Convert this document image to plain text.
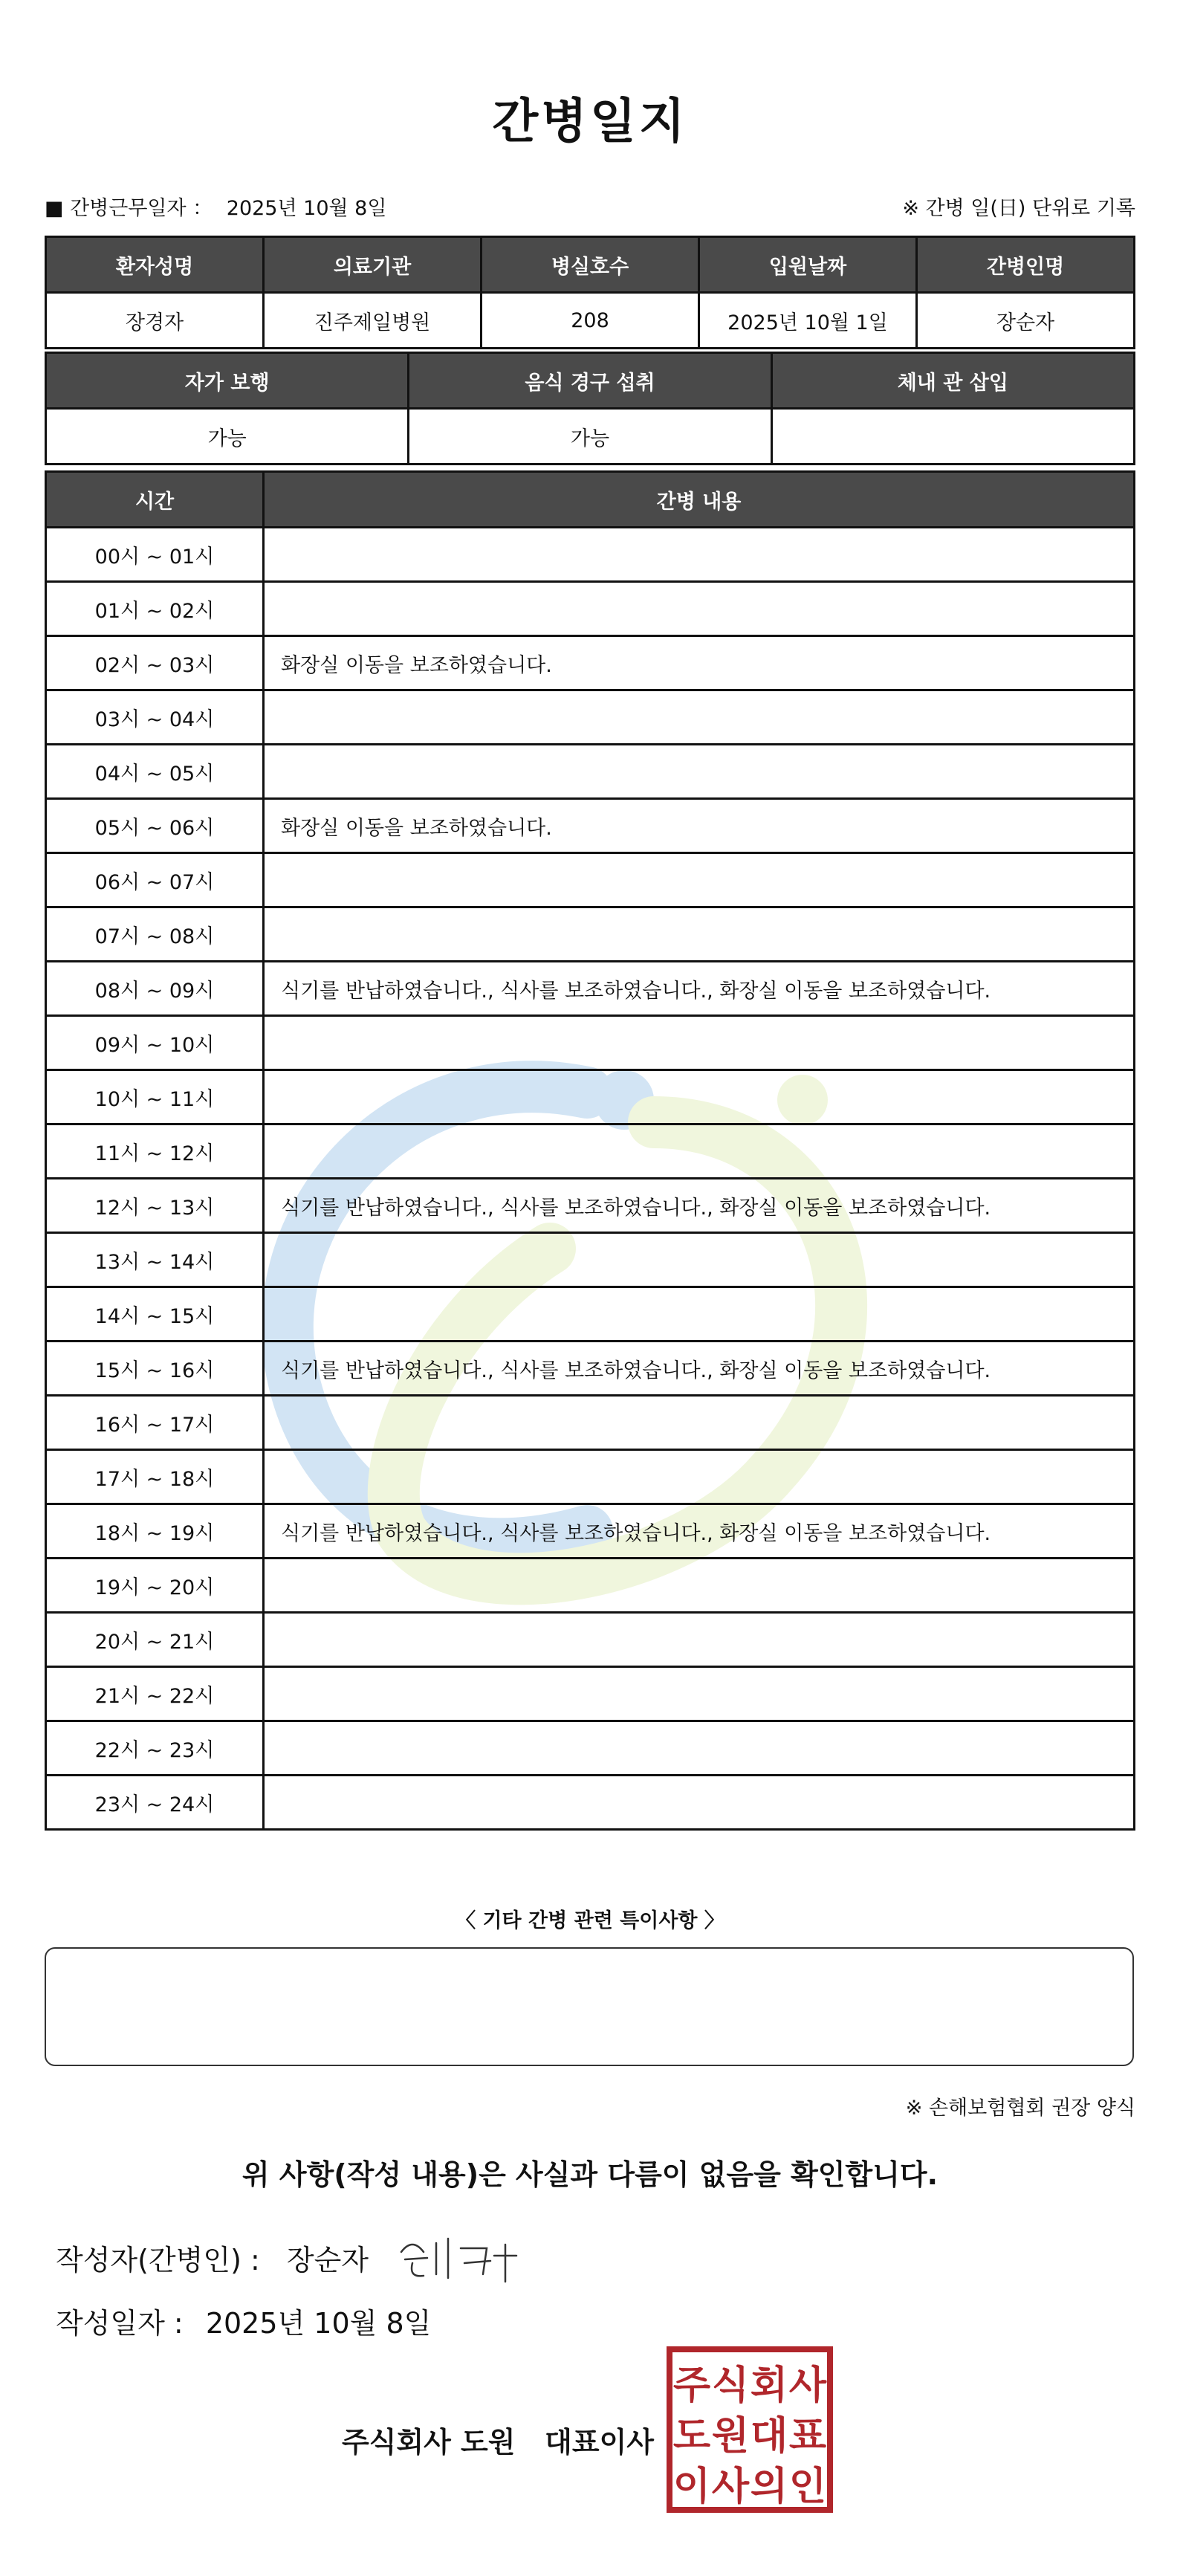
간병일지
■ 간병근무일자 ： 2025년 10월 8일	※ 간병 일(日) 단위로 기록
환자성명	의료기관	병실호수	입원날짜	간병인명
장경자	진주제일병원	208	2025년 10월 1일	장순자
자가 보행	음식 경구 섭취	체내 관 삽입
가능	가능	
시간	간병 내용
00시 ~ 01시	
01시 ~ 02시	
02시 ~ 03시	화장실 이동을 보조하였습니다.
03시 ~ 04시	
04시 ~ 05시	
05시 ~ 06시	화장실 이동을 보조하였습니다.
06시 ~ 07시	
07시 ~ 08시	
08시 ~ 09시	식기를 반납하였습니다., 식사를 보조하였습니다., 화장실 이동을 보조하였습니다.
09시 ~ 10시	
10시 ~ 11시	
11시 ~ 12시	
12시 ~ 13시	식기를 반납하였습니다., 식사를 보조하였습니다., 화장실 이동을 보조하였습니다.
13시 ~ 14시	
14시 ~ 15시	
15시 ~ 16시	식기를 반납하였습니다., 식사를 보조하였습니다., 화장실 이동을 보조하였습니다.
16시 ~ 17시	
17시 ~ 18시	
18시 ~ 19시	식기를 반납하였습니다., 식사를 보조하였습니다., 화장실 이동을 보조하였습니다.
19시 ~ 20시	
20시 ~ 21시	
21시 ~ 22시	
22시 ~ 23시	
23시 ~ 24시	
〈 기타 간병 관련 특이사항 〉
※ 손해보험협회 권장 양식
위 사항(작성 내용)은 사실과 다름이 없음을 확인합니다.
작성자(간병인) : 장순자
작성일자 : 2025년 10월 8일
주식회사 도원   대표이사
주 식 회 사
도 원 대 표
이 사 의 인
